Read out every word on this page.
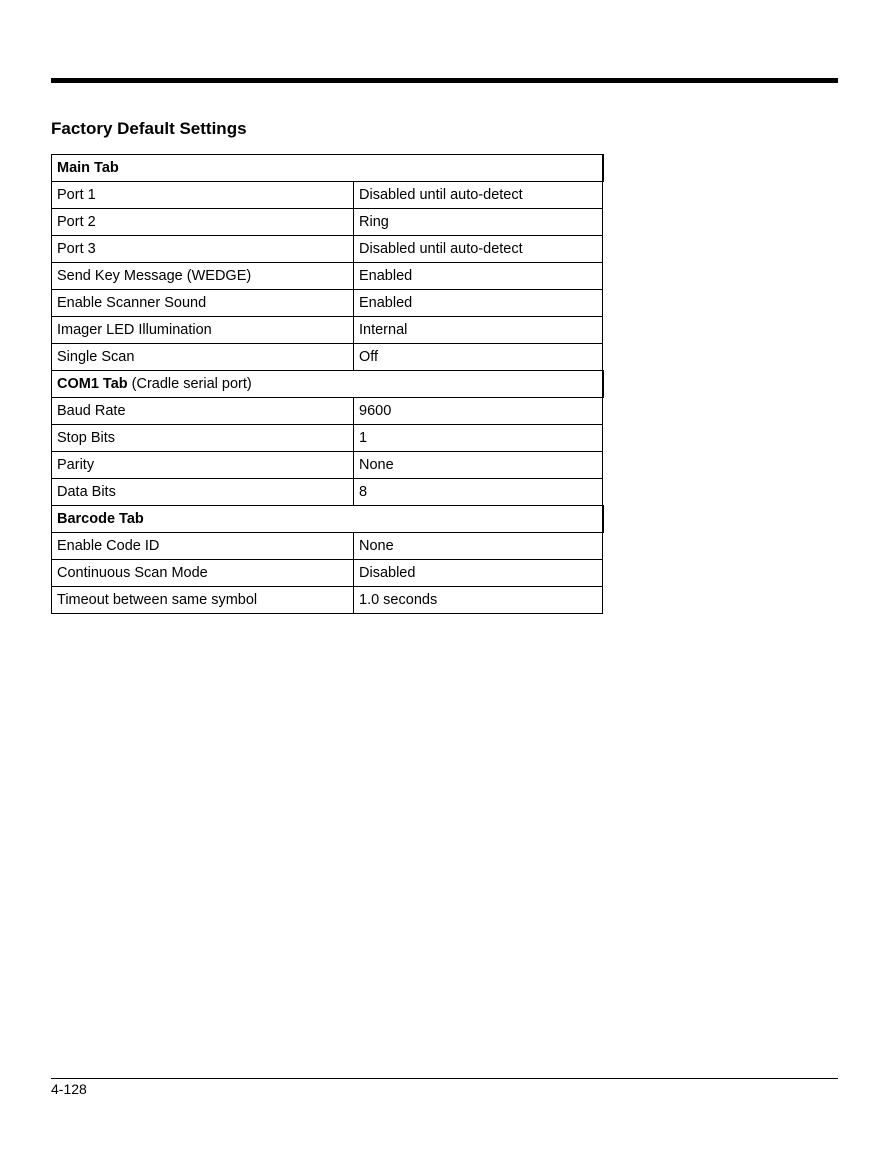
Factory Default Settings
Main Tab	
Port 1	Disabled until auto-detect
Port 2	Ring
Port 3	Disabled until auto-detect
Send Key Message (WEDGE)	Enabled
Enable Scanner Sound	Enabled
Imager LED Illumination	Internal
Single Scan	Off
COM1 Tab (Cradle serial port)	
Baud Rate	9600
Stop Bits	1
Parity	None
Data Bits	8
Barcode Tab	
Enable Code ID	None
Continuous Scan Mode	Disabled
Timeout between same symbol	1.0 seconds
4-128
